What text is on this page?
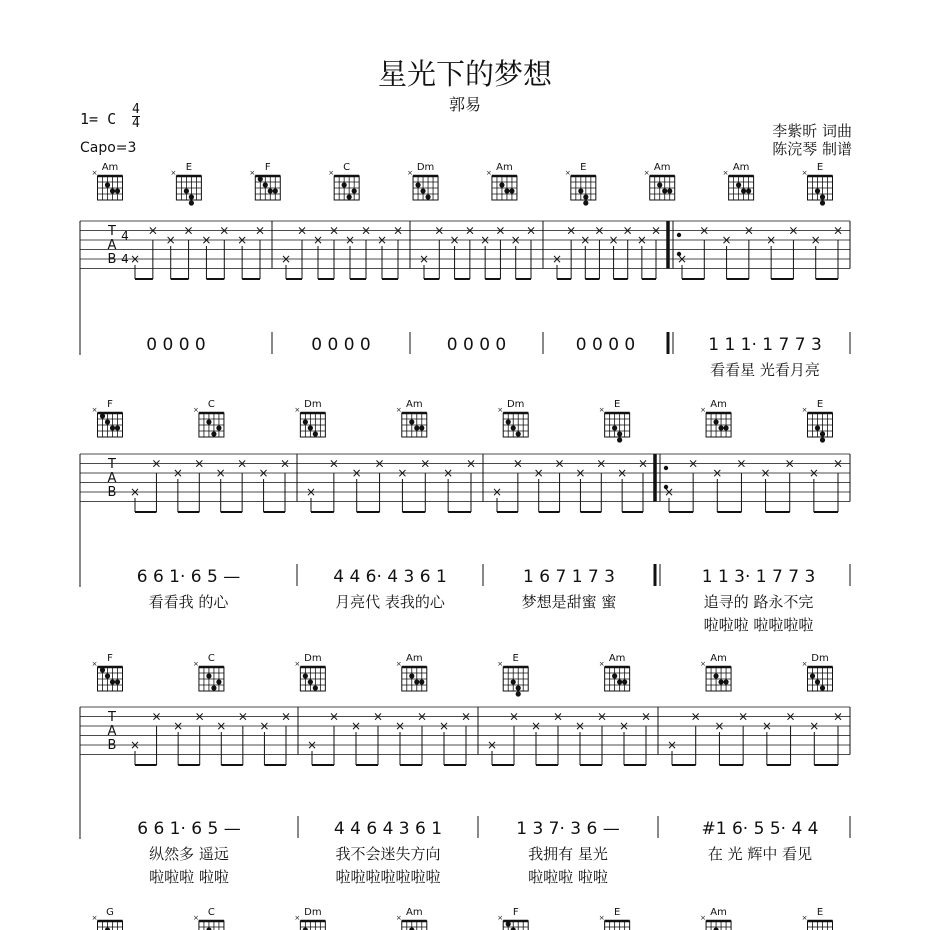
星光下的梦想
郭易
1= C $\frac{4}{4}$
Capo=3
李紫昕 词曲
陈浣琴 制谱
Am
×	E
×	F
×	C
×	Dm
×	Am
×	E
×	Am
×	Am
×	E
×
T
A
B
4
4 ×
×
×
×
×
×
×
×
×
×
×
×
×
×
×
×
×
×
×
×
×
×
×
×
×
×
×
×
×
×
×
×
×
×
×
×
×
×
×
×
0 0 0 0	0 0 0 0	0 0 0 0	0 0 0 0	1 1 1· 1 7 7 3
看看星 光看月亮
F
×	C
×	Dm
×	Am
×	Dm
×	E
×	Am
×	E
×
T
A
B ×
×
×
×
×
×
×
×
×
×
×
×
×
×
×
×
×
×
×
×
×
×
×
×
×
×
×
×
×
×
×
×
6 6 1· 6 5 —
看看我 的心
4 4 6· 4 3 6 1
月亮代 表我的心
1 6 7 1 7 3
梦想是甜蜜 蜜
1 1 3· 1 7 7 3
追寻的 路永不完
啦啦啦 啦啦啦啦
F
×	C
×	Dm
×	Am
×	E
×	Am
×	Am
×	Dm
×
T
A
B ×
×
×
×
×
×
×
×
×
×
×
×
×
×
×
×
×
×
×
×
×
×
×
×
×
×
×
×
×
×
×
×
6 6 1· 6 5 —
纵然多 遥远
啦啦啦 啦啦
4 4 6 4 3 6 1
我不会迷失方向
啦啦啦啦啦啦啦
1 3 7· 3 6 —
我拥有 星光
啦啦啦 啦啦
#1 6· 5 5· 4 4
在 光 辉中 看见
G
×	C
×	Dm
×	Am
×	F
×	E
×	Am
×	E
×
